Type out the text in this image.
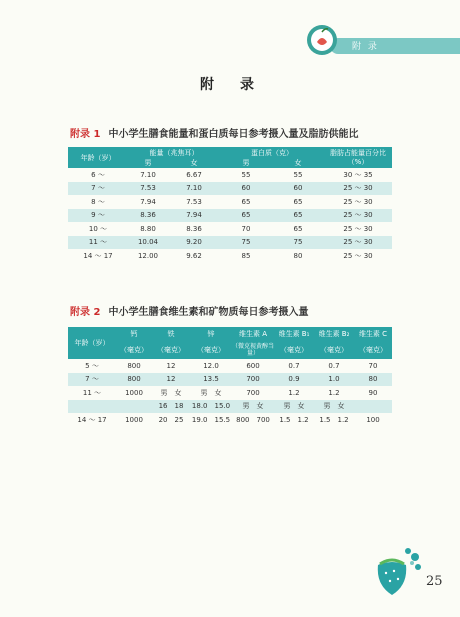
附 录
附　录
附录 1 中小学生膳食能量和蛋白质每日参考摄入量及脂肪供能比
年龄（岁）	能量（兆焦耳）		蛋白质（克）		脂肪占能量百分比（%）
	男	女	男	女	
6 ～	7.10	6.67	55	55	30 ～ 35
7 ～	7.53	7.10	60	60	25 ～ 30
8 ～	7.94	7.53	65	65	25 ～ 30
9 ～	8.36	7.94	65	65	25 ～ 30
10 ～	8.80	8.36	70	65	25 ～ 30
11 ～	10.04	9.20	75	75	25 ～ 30
14 ～ 17	12.00	9.62	85	80	25 ～ 30
附录 2 中小学生膳食维生素和矿物质每日参考摄入量
年龄（岁）	钙	铁	锌	维生素 A	维生素 B₁	维生素 B₂	维生素 C
	（毫克）	（毫克）	（毫克）	（微克视黄醇当量）	（毫克）	（毫克）	（毫克）
5 ～	800	12	12.0	600	0.7	0.7	70
7 ～	800	12	13.5	700	0.9	1.0	80
11 ～	1000	男　女	男　女	700	1.2	1.2	90
		16　18	18.0　15.0	男　女	男　女	男　女	
14 ～ 17	1000	20　25	19.0　15.5	800　700	1.5　1.2	1.5　1.2	100
25
